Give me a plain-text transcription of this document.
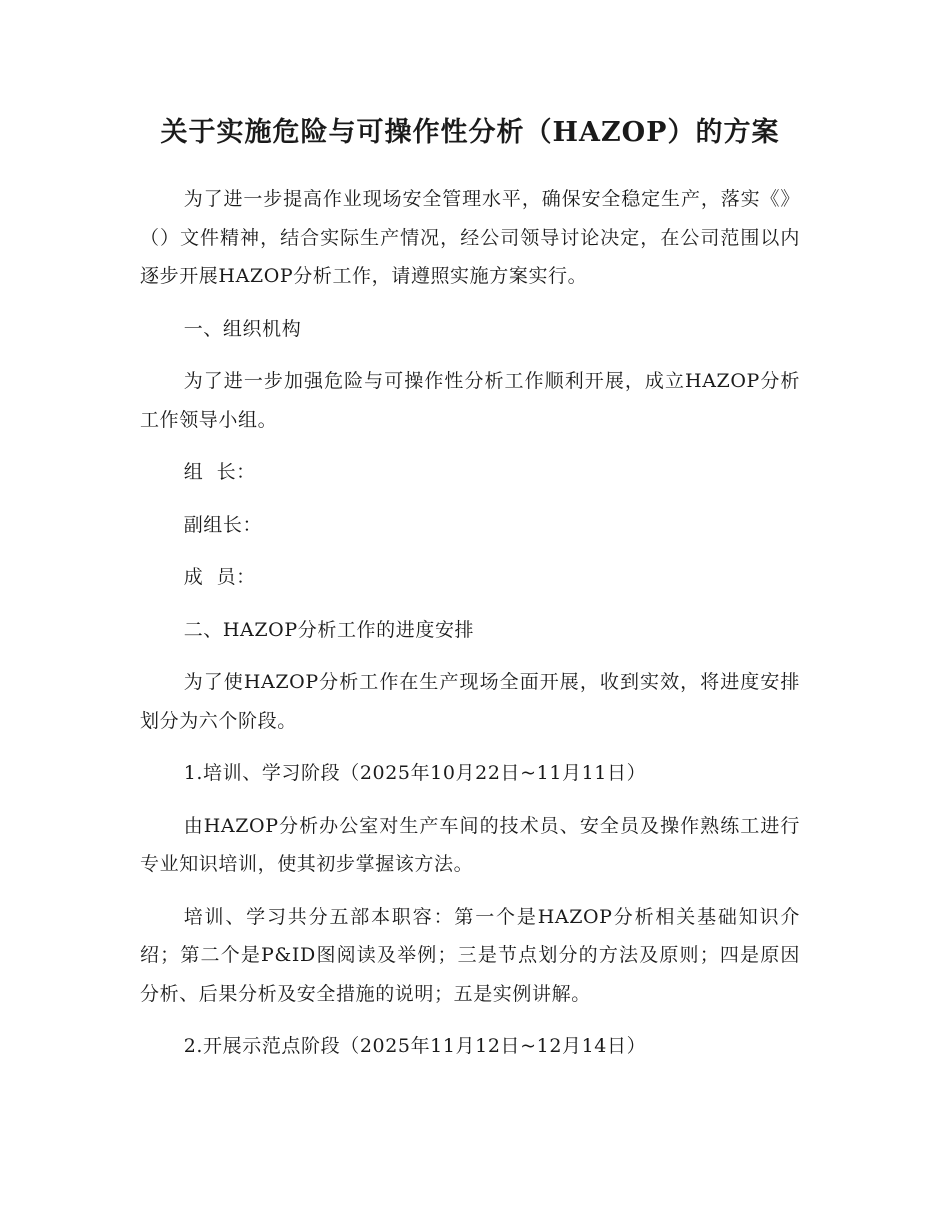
关于实施危险与可操作性分析（HAZOP）的方案

为了进一步提高作业现场安全管理水平，确保安全稳定生产，落实《》（）文件精神，结合实际生产情况，经公司领导讨论决定，在公司范围以内逐步开展HAZOP分析工作，请遵照实施方案实行。

一、组织机构

为了进一步加强危险与可操作性分析工作顺利开展，成立HAZOP分析工作领导小组。

组  长：

副组长：

成  员：

二、HAZOP分析工作的进度安排

为了使HAZOP分析工作在生产现场全面开展，收到实效，将进度安排划分为六个阶段。

1.培训、学习阶段（2025年10月22日~11月11日）

由HAZOP分析办公室对生产车间的技术员、安全员及操作熟练工进行专业知识培训，使其初步掌握该方法。

培训、学习共分五部本职容：第一个是HAZOP分析相关基础知识介绍；第二个是P&ID图阅读及举例；三是节点划分的方法及原则；四是原因分析、后果分析及安全措施的说明；五是实例讲解。

2.开展示范点阶段（2025年11月12日~12月14日）
